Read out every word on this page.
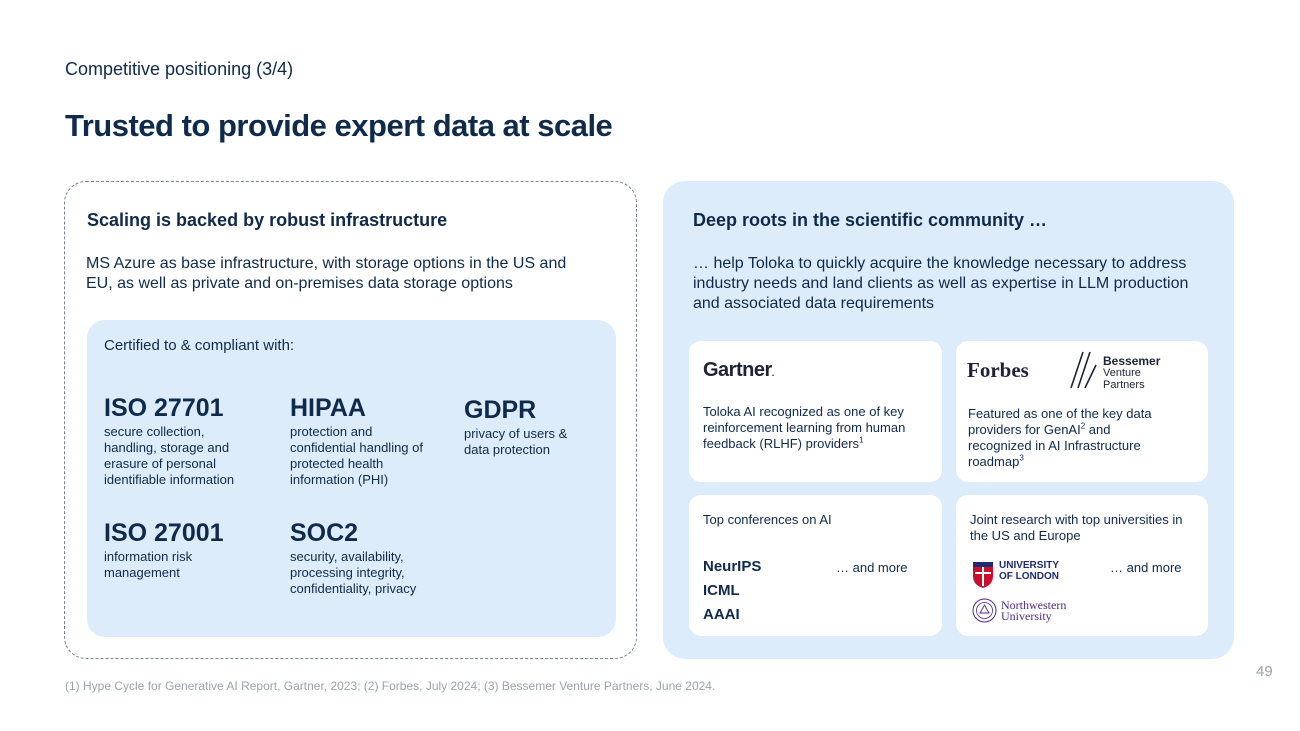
Competitive positioning (3/4)
Trusted to provide expert data at scale
Scaling is backed by robust infrastructure
MS Azure as base infrastructure, with storage options in the US and EU, as well as private and on-premises data storage options
Certified to & compliant with:
ISO 27701
secure collection, handling, storage and erasure of personal identifiable information
HIPAA
protection and confidential handling of protected health information (PHI)
GDPR
privacy of users & data protection
ISO 27001
information risk management
SOC2
security, availability, processing integrity, confidentiality, privacy
Deep roots in the scientific community …
… help Toloka to quickly acquire the knowledge necessary to address industry needs and land clients as well as expertise in LLM production and associated data requirements
Gartner.
Toloka AI recognized as one of key reinforcement learning from human feedback (RLHF) providers$^1$
Forbes	Bessemer
Venture
Partners
Featured as one of the key data providers for GenAI$^2$ and recognized in AI Infrastructure roadmap$^3$
Top conferences on AI
NeurIPS
ICML
AAAI
… and more
Joint research with top universities in the US and Europe
UNIVERSITY
OF LONDON
Northwestern
University
… and more
(1) Hype Cycle for Generative AI Report, Gartner, 2023; (2) Forbes, July 2024; (3) Bessemer Venture Partners, June 2024.
49
